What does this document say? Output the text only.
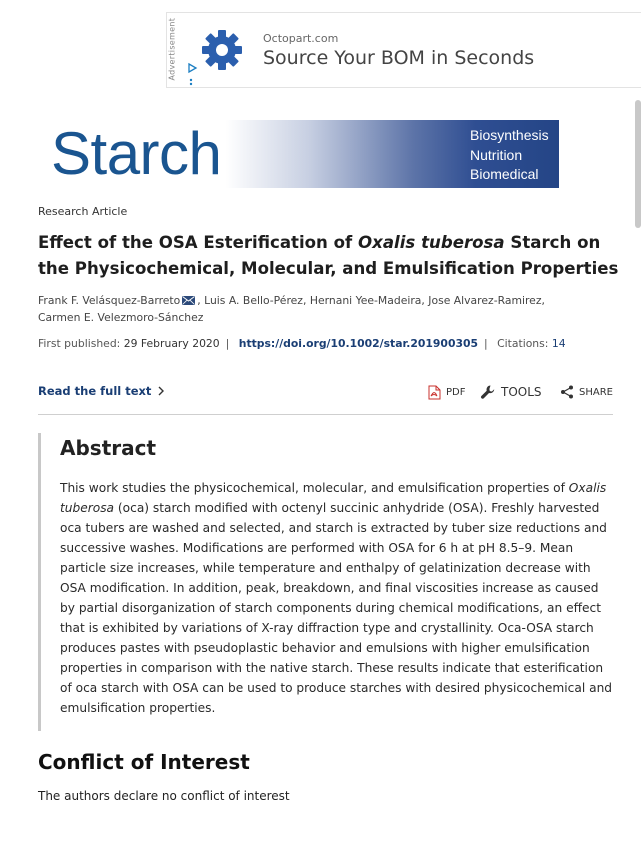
Advertisement	Octopart.com
Source Your BOM in Seconds
Starch	Biosynthesis
Nutrition
Biomedical
Research Article
Effect of the OSA Esterification of Oxalis tuberosa Starch on the Physicochemical, Molecular, and Emulsification Properties
Frank F. Velásquez-Barreto , Luis A. Bello-Pérez, Hernani Yee-Madeira, Jose Alvarez-Ramirez,
Carmen E. Velezmoro-Sánchez
First published: 29 February 2020 | https://doi.org/10.1002/star.201900305 | Citations: 14
Read the full text	PDF	TOOLS	SHARE
Abstract

This work studies the physicochemical, molecular, and emulsification properties of Oxalis tuberosa (oca) starch modified with octenyl succinic anhydride (OSA). Freshly harvested oca tubers are washed and selected, and starch is extracted by tuber size reductions and successive washes. Modifications are performed with OSA for 6 h at pH 8.5–9. Mean particle size increases, while temperature and enthalpy of gelatinization decrease with OSA modification. In addition, peak, breakdown, and final viscosities increase as caused by partial disorganization of starch components during chemical modifications, an effect that is exhibited by variations of X-ray diffraction type and crystallinity. Oca-OSA starch produces pastes with pseudoplastic behavior and emulsions with higher emulsification properties in comparison with the native starch. These results indicate that esterification of oca starch with OSA can be used to produce starches with desired physicochemical and emulsification properties.

Conflict of Interest

The authors declare no conflict of interest
